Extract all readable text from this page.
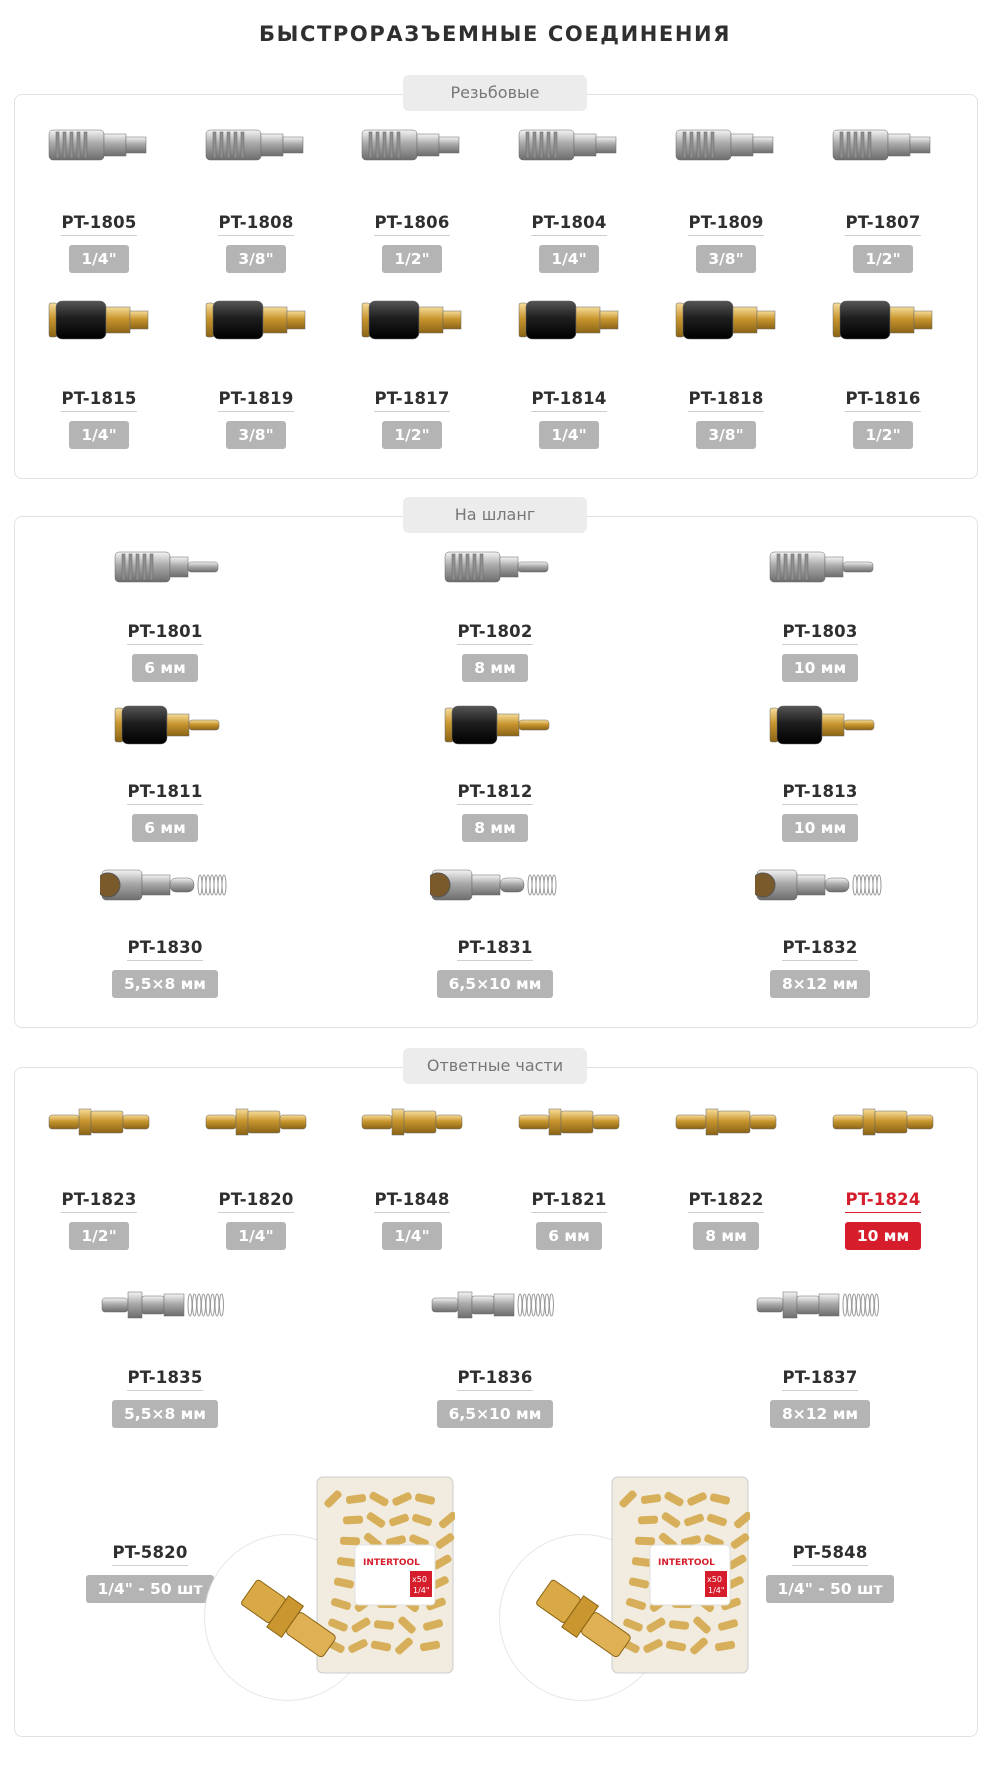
БЫСТРОРАЗЪЕМНЫЕ СОЕДИНЕНИЯ
Резьбовые
На шланг
Ответные части
PT-1805
1/4"
PT-1808
3/8"
PT-1806
1/2"
PT-1804
1/4"
PT-1809
3/8"
PT-1807
1/2"
PT-1815
1/4"
PT-1819
3/8"
PT-1817
1/2"
PT-1814
1/4"
PT-1818
3/8"
PT-1816
1/2"
PT-1801
6 мм
PT-1802
8 мм
PT-1803
10 мм
PT-1811
6 мм
PT-1812
8 мм
PT-1813
10 мм
PT-1830
5,5×8 мм
PT-1831
6,5×10 мм
PT-1832
8×12 мм
PT-1823
1/2"
PT-1820
1/4"
PT-1848
1/4"
PT-1821
6 мм
PT-1822
8 мм
PT-1824
10 мм
PT-1835
5,5×8 мм
PT-1836
6,5×10 мм
PT-1837
8×12 мм
PT-5820
1/4" - 50 шт
PT-5848
1/4" - 50 шт
INTERTOOL
x50
1/4"
INTERTOOL
x50
1/4"
